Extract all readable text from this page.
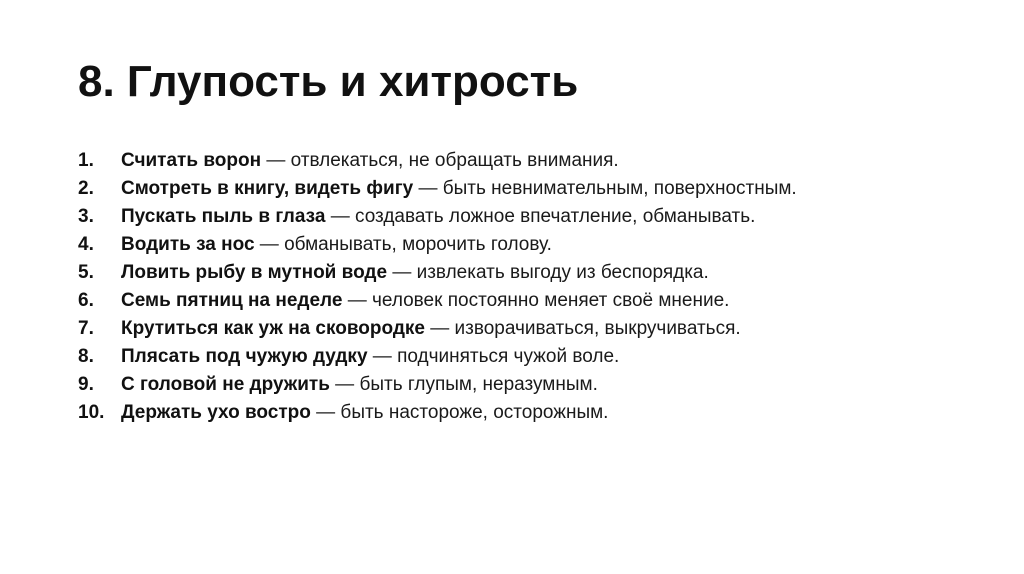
8. Глупость и хитрость
1.	Считать ворон — отвлекаться, не обращать внимания.
2.	Смотреть в книгу, видеть фигу — быть невнимательным, поверхностным.
3.	Пускать пыль в глаза — создавать ложное впечатление, обманывать.
4.	Водить за нос — обманывать, морочить голову.
5.	Ловить рыбу в мутной воде — извлекать выгоду из беспорядка.
6.	Семь пятниц на неделе — человек постоянно меняет своё мнение.
7.	Крутиться как уж на сковородке — изворачиваться, выкручиваться.
8.	Плясать под чужую дудку — подчиняться чужой воле.
9.	С головой не дружить — быть глупым, неразумным.
10. Держать ухо востро — быть настороже, осторожным.
